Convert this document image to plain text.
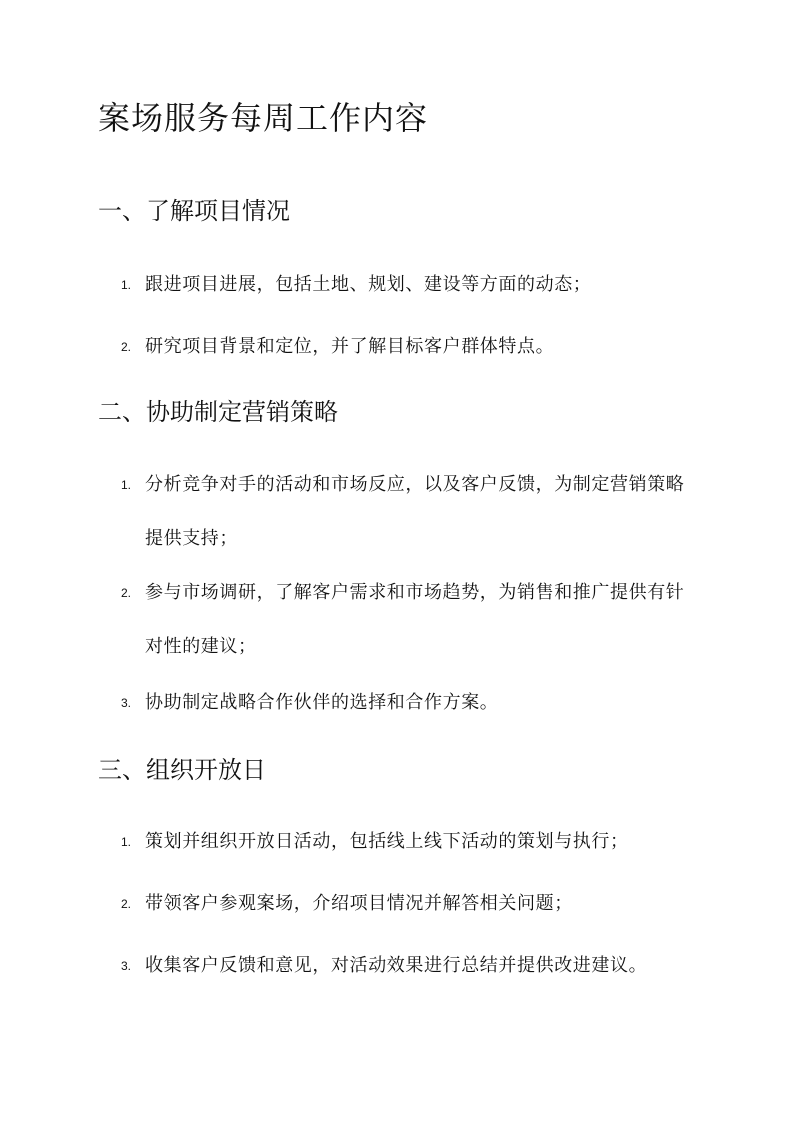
案场服务每周工作内容
一、了解项目情况
1. 跟进项目进展，包括土地、规划、建设等方面的动态；
2. 研究项目背景和定位，并了解目标客户群体特点。
二、协助制定营销策略
1. 分析竞争对手的活动和市场反应，以及客户反馈，为制定营销策略提供支持；
2. 参与市场调研，了解客户需求和市场趋势，为销售和推广提供有针对性的建议；
3. 协助制定战略合作伙伴的选择和合作方案。
三、组织开放日
1. 策划并组织开放日活动，包括线上线下活动的策划与执行；
2. 带领客户参观案场，介绍项目情况并解答相关问题；
3. 收集客户反馈和意见，对活动效果进行总结并提供改进建议。
